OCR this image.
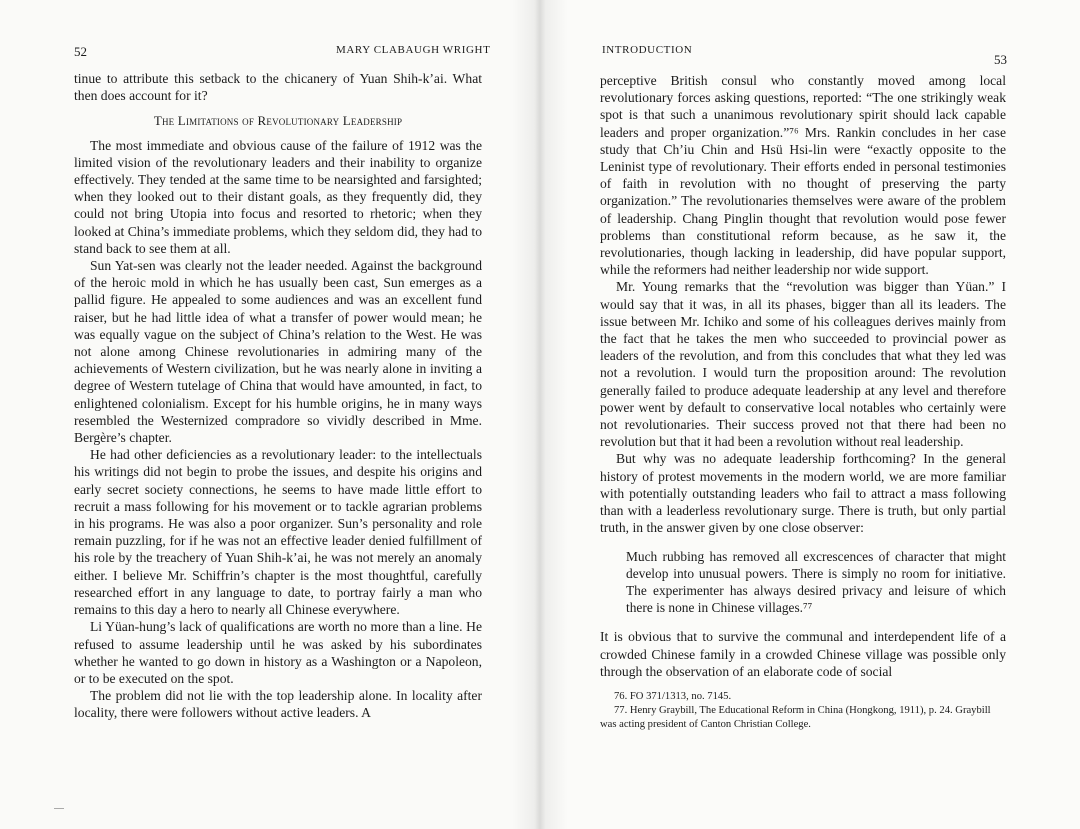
52	MARY CLABAUGH WRIGHT

tinue to attribute this setback to the chicanery of Yuan Shih-k’ai. What then does account for it?

The Limitations of Revolutionary Leadership

The most immediate and obvious cause of the failure of 1912 was the limited vision of the revolutionary leaders and their inability to organize effectively. They tended at the same time to be nearsighted and farsighted; when they looked out to their distant goals, as they frequently did, they could not bring Utopia into focus and resorted to rhetoric; when they looked at China’s immediate problems, which they seldom did, they had to stand back to see them at all.

Sun Yat-sen was clearly not the leader needed. Against the background of the heroic mold in which he has usually been cast, Sun emerges as a pallid figure. He appealed to some audiences and was an excellent fund raiser, but he had little idea of what a transfer of power would mean; he was equally vague on the subject of China’s relation to the West. He was not alone among Chinese revolutionaries in admiring many of the achievements of Western civilization, but he was nearly alone in inviting a degree of Western tutelage of China that would have amounted, in fact, to enlightened colonialism. Except for his humble origins, he in many ways resembled the Westernized compradore so vividly described in Mme. Bergère’s chapter.

He had other deficiencies as a revolutionary leader: to the intellectuals his writings did not begin to probe the issues, and despite his origins and early secret society connections, he seems to have made little effort to recruit a mass following for his movement or to tackle agrarian problems in his programs. He was also a poor organizer. Sun’s personality and role remain puzzling, for if he was not an effective leader denied fulfillment of his role by the treachery of Yuan Shih-k’ai, he was not merely an anomaly either. I believe Mr. Schiffrin’s chapter is the most thoughtful, carefully researched effort in any language to date, to portray fairly a man who remains to this day a hero to nearly all Chinese everywhere.

Li Yüan-hung’s lack of qualifications are worth no more than a line. He refused to assume leadership until he was asked by his subordinates whether he wanted to go down in history as a Washington or a Napoleon, or to be executed on the spot.

The problem did not lie with the top leadership alone. In locality after locality, there were followers without active leaders. A

INTRODUCTION
53

perceptive British consul who constantly moved among local revolutionary forces asking questions, reported: “The one strikingly weak spot is that such a unanimous revolutionary spirit should lack capable leaders and proper organization.”⁷⁶ Mrs. Rankin concludes in her case study that Ch’iu Chin and Hsü Hsi-lin were “exactly opposite to the Leninist type of revolutionary. Their efforts ended in personal testimonies of faith in revolution with no thought of preserving the party organization.” The revolutionaries themselves were aware of the problem of leadership. Chang Pinglin thought that revolution would pose fewer problems than constitutional reform because, as he saw it, the revolutionaries, though lacking in leadership, did have popular support, while the reformers had neither leadership nor wide support.

Mr. Young remarks that the “revolution was bigger than Yüan.” I would say that it was, in all its phases, bigger than all its leaders. The issue between Mr. Ichiko and some of his colleagues derives mainly from the fact that he takes the men who succeeded to provincial power as leaders of the revolution, and from this concludes that what they led was not a revolution. I would turn the proposition around: The revolution generally failed to produce adequate leadership at any level and therefore power went by default to conservative local notables who certainly were not revolutionaries. Their success proved not that there had been no revolution but that it had been a revolution without real leadership.

But why was no adequate leadership forthcoming? In the general history of protest movements in the modern world, we are more familiar with potentially outstanding leaders who fail to attract a mass following than with a leaderless revolutionary surge. There is truth, but only partial truth, in the answer given by one close observer:

Much rubbing has removed all excrescences of character that might develop into unusual powers. There is simply no room for initiative. The experimenter has always desired privacy and leisure of which there is none in Chinese villages.⁷⁷

It is obvious that to survive the communal and interdependent life of a crowded Chinese family in a crowded Chinese village was possible only through the observation of an elaborate code of social

76. FO 371/1313, no. 7145.

77. Henry Graybill, The Educational Reform in China (Hongkong, 1911), p. 24. Graybill was acting president of Canton Christian College.
